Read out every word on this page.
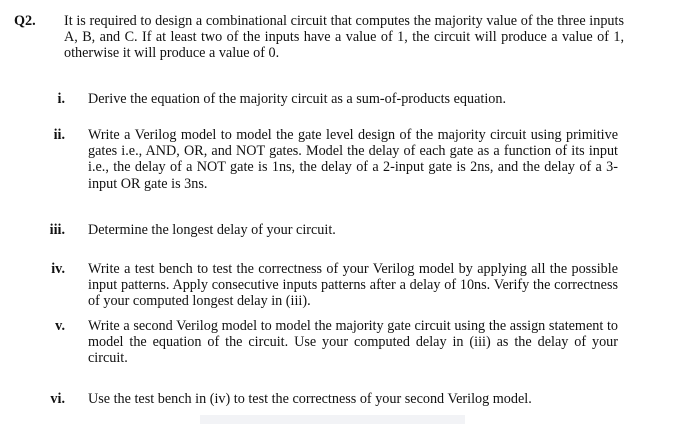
Q2. It is required to design a combinational circuit that computes the majority value of the three inputs A, B, and C. If at least two of the inputs have a value of 1, the circuit will produce a value of 1, otherwise it will produce a value of 0.
i. Derive the equation of the majority circuit as a sum-of-products equation.
ii. Write a Verilog model to model the gate level design of the majority circuit using primitive gates i.e., AND, OR, and NOT gates. Model the delay of each gate as a function of its input i.e., the delay of a NOT gate is 1ns, the delay of a 2-input gate is 2ns, and the delay of a 3-input OR gate is 3ns.
iii. Determine the longest delay of your circuit.
iv. Write a test bench to test the correctness of your Verilog model by applying all the possible input patterns. Apply consecutive inputs patterns after a delay of 10ns. Verify the correctness of your computed longest delay in (iii).
v. Write a second Verilog model to model the majority gate circuit using the assign statement to model the equation of the circuit. Use your computed delay in (iii) as the delay of your circuit.
vi. Use the test bench in (iv) to test the correctness of your second Verilog model.
